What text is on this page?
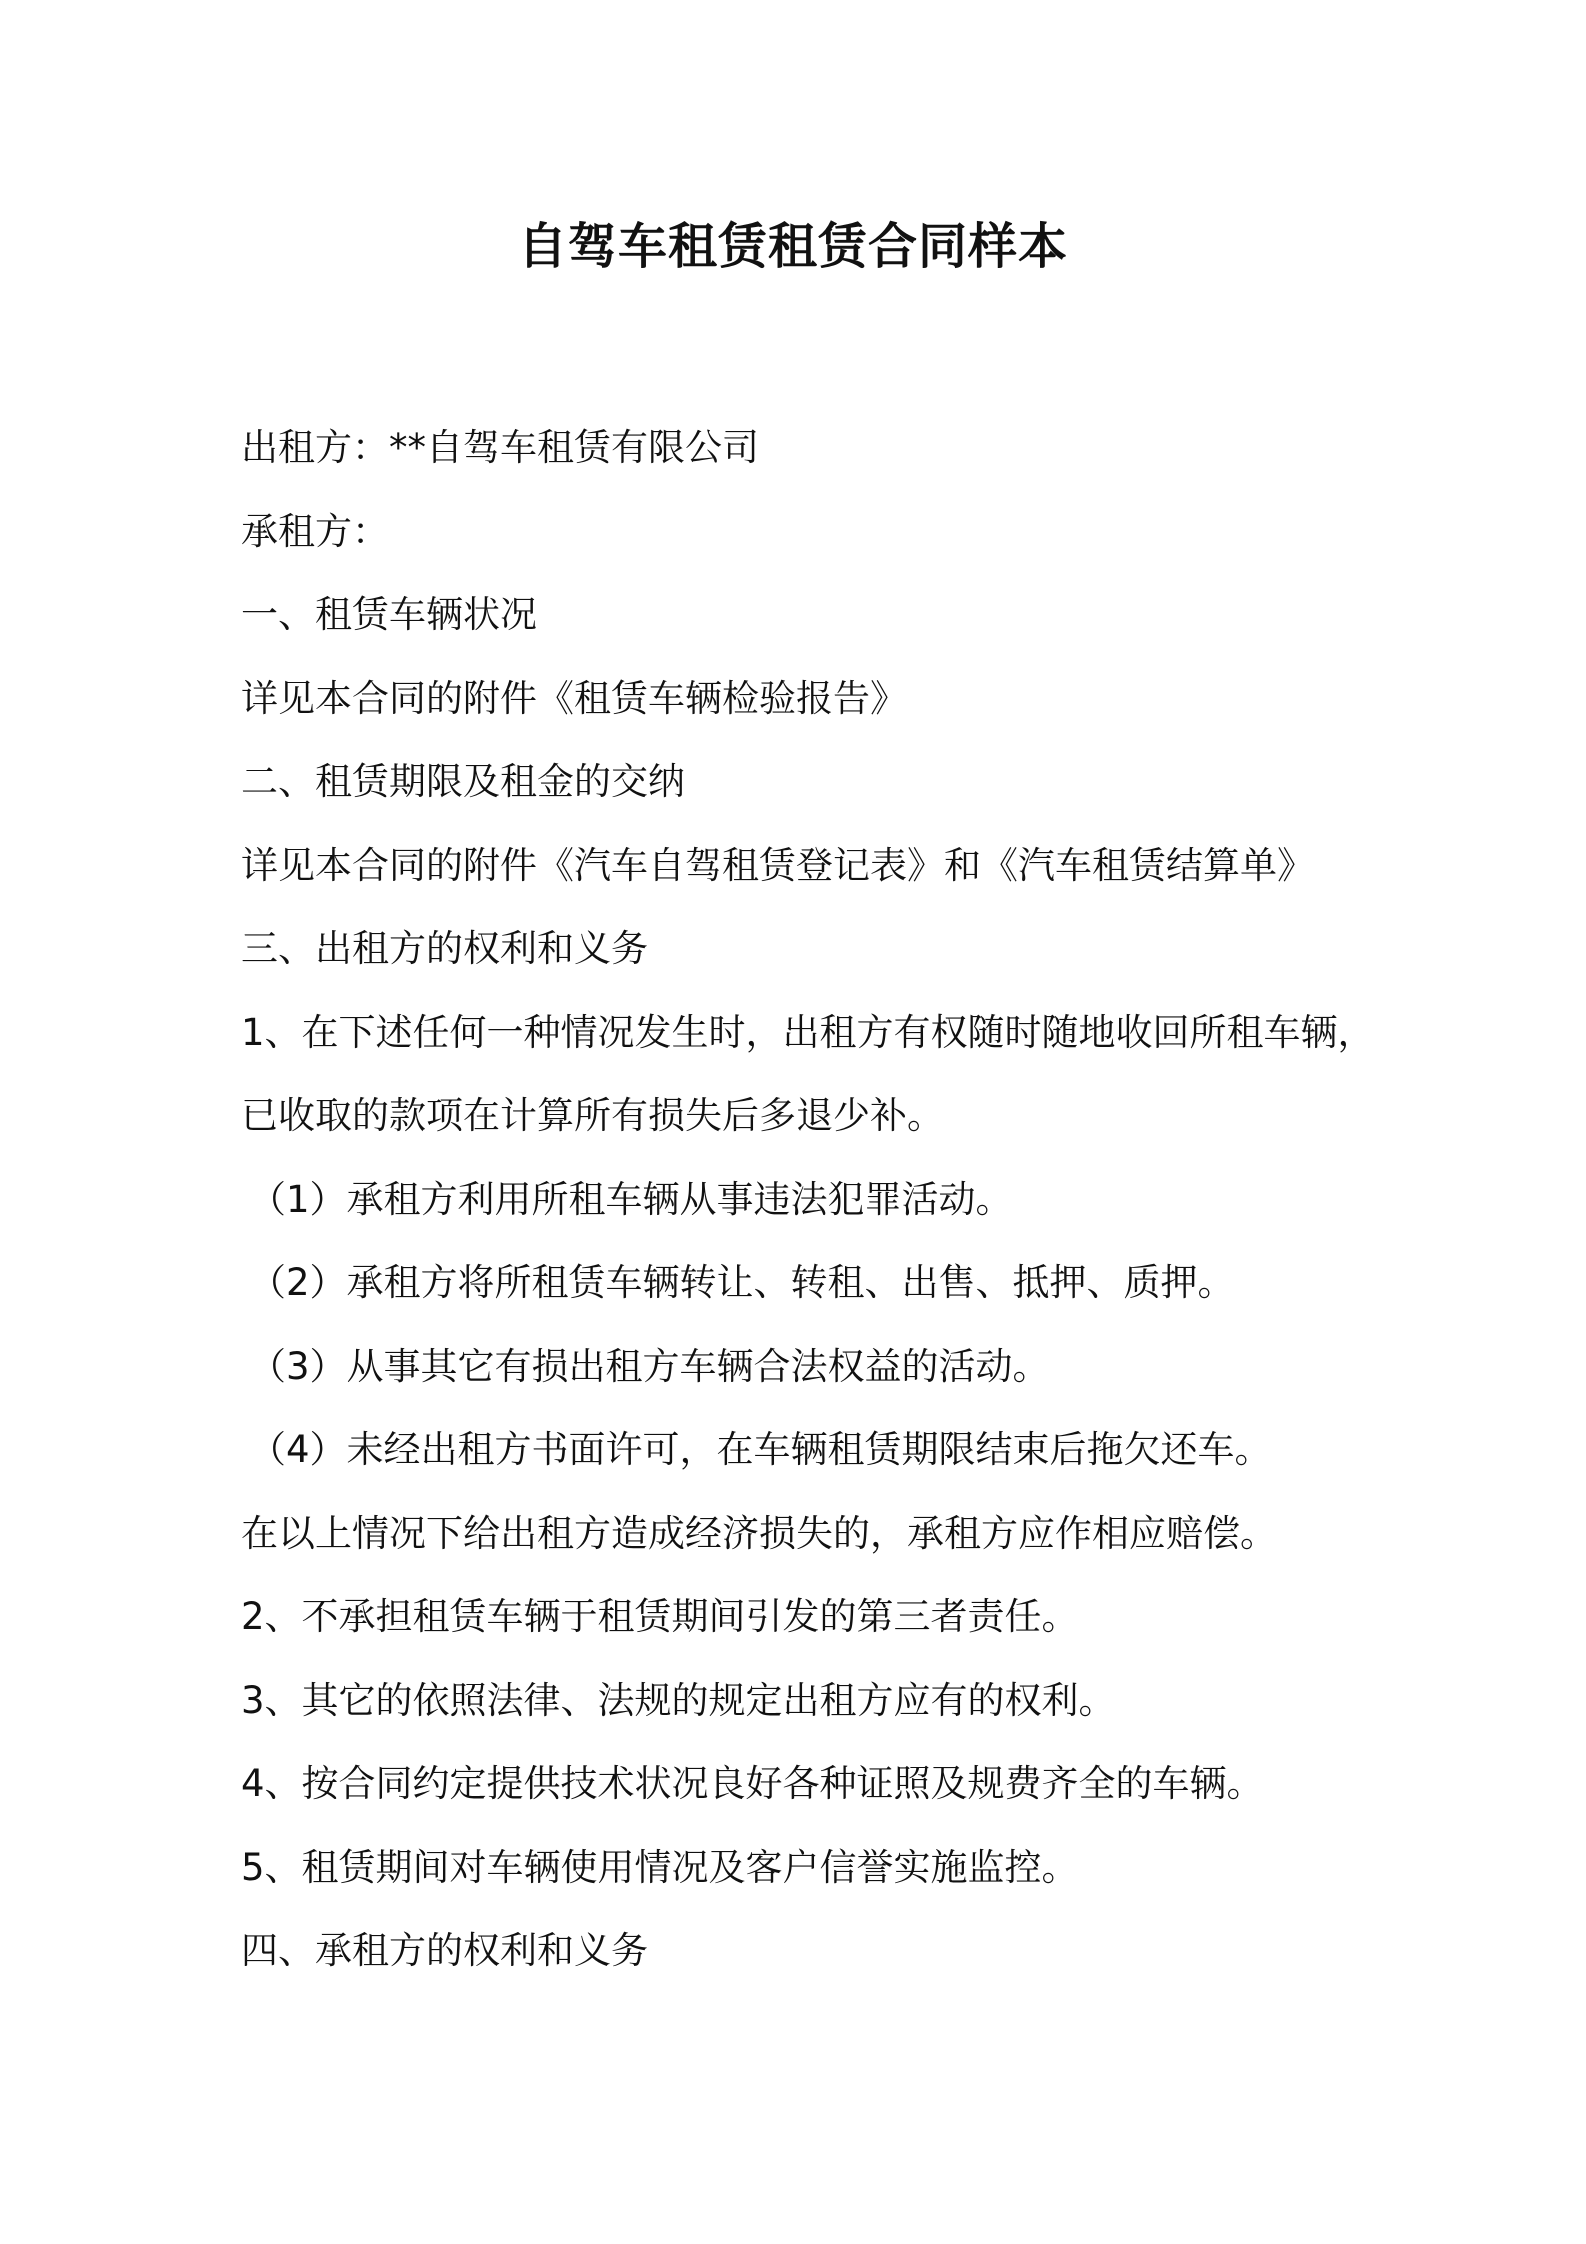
自驾车租赁租赁合同样本
出租方：**自驾车租赁有限公司
承租方：
一、租赁车辆状况
详见本合同的附件《租赁车辆检验报告》
二、租赁期限及租金的交纳
详见本合同的附件《汽车自驾租赁登记表》和《汽车租赁结算单》
三、出租方的权利和义务
1、在下述任何一种情况发生时，出租方有权随时随地收回所租车辆，
已收取的款项在计算所有损失后多退少补。
（1）承租方利用所租车辆从事违法犯罪活动。
（2）承租方将所租赁车辆转让、转租、出售、抵押、质押。
（3）从事其它有损出租方车辆合法权益的活动。
（4）未经出租方书面许可，在车辆租赁期限结束后拖欠还车。
在以上情况下给出租方造成经济损失的，承租方应作相应赔偿。
2、不承担租赁车辆于租赁期间引发的第三者责任。
3、其它的依照法律、法规的规定出租方应有的权利。
4、按合同约定提供技术状况良好各种证照及规费齐全的车辆。
5、租赁期间对车辆使用情况及客户信誉实施监控。
四、承租方的权利和义务
